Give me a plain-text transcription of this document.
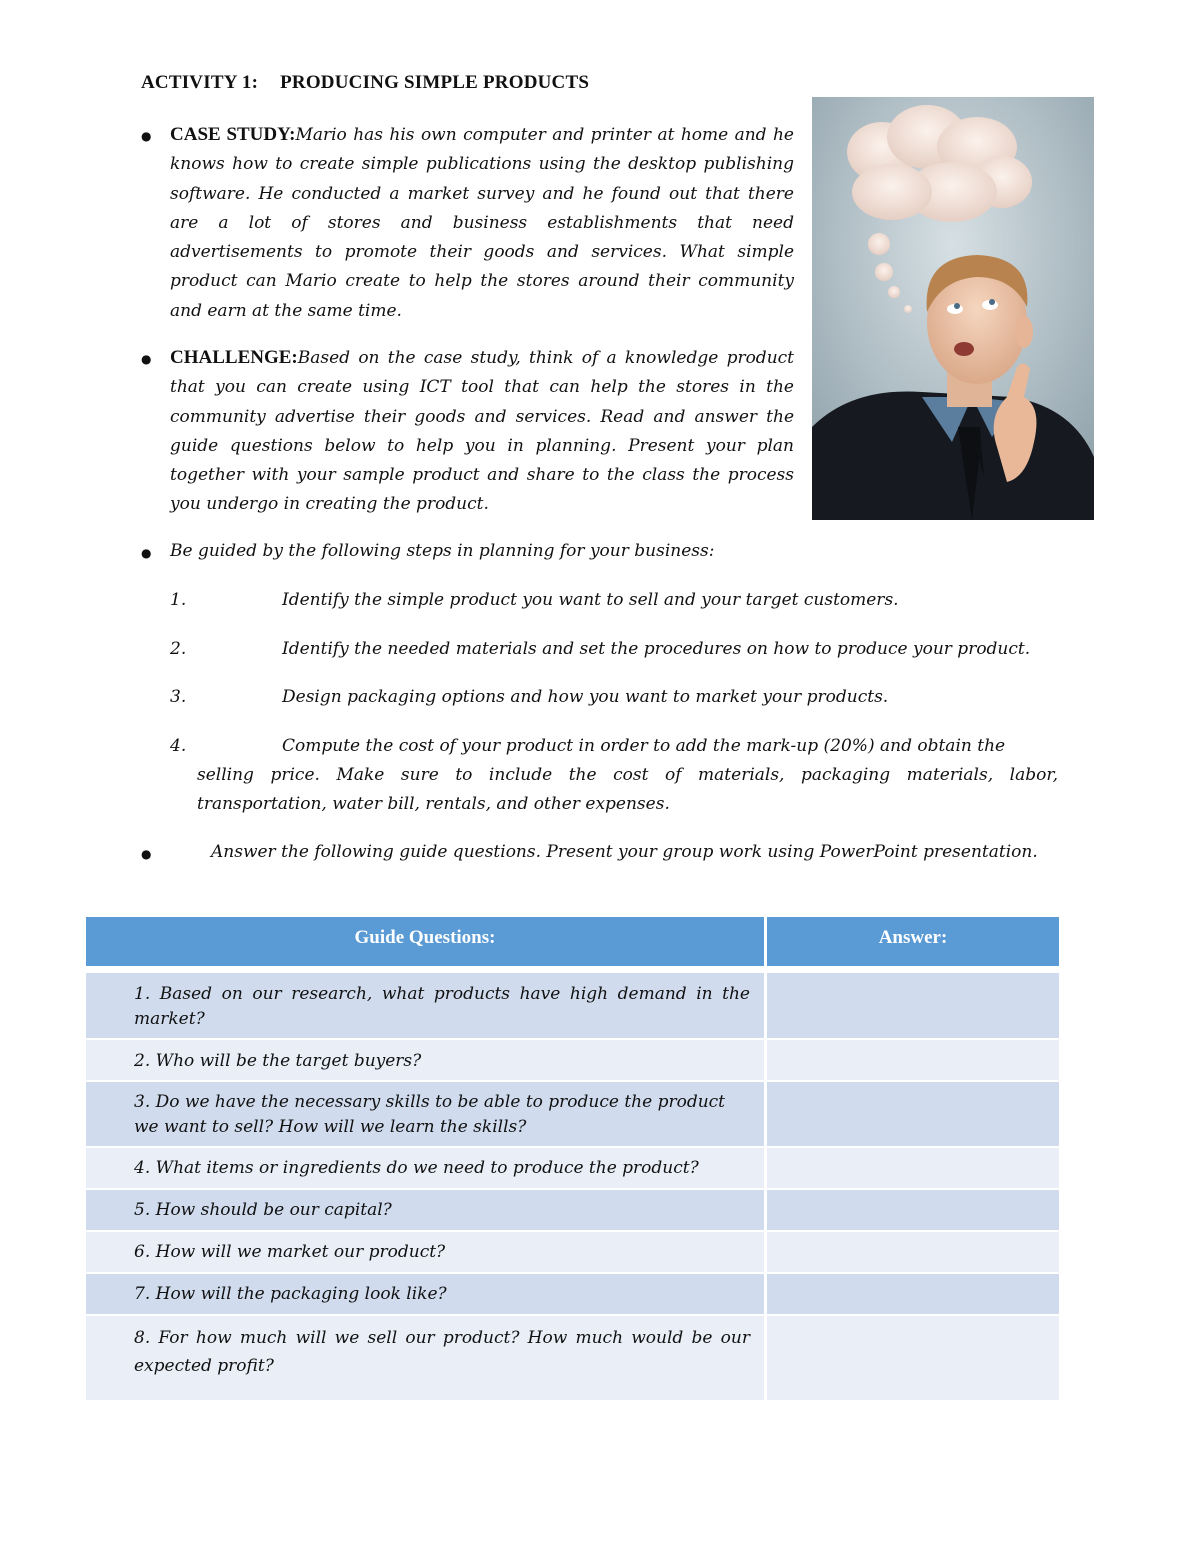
ACTIVITY 1: PRODUCING SIMPLE PRODUCTS
● CASE STUDY:Mario has his own computer and printer at home and he knows how to create simple publications using the desktop publishing software. He conducted a market survey and he found out that there are a lot of stores and business establishments that need advertisements to promote their goods and services. What simple product can Mario create to help the stores around their community and earn at the same time.
● CHALLENGE:Based on the case study, think of a knowledge product that you can create using ICT tool that can help the stores in the community advertise their goods and services. Read and answer the guide questions below to help you in planning. Present your plan together with your sample product and share to the class the process you undergo in creating the product.
● Be guided by the following steps in planning for your business:
1.	Identify the simple product you want to sell and your target customers.
2.	Identify the needed materials and set the procedures on how to produce your product.
3.	Design packaging options and how you want to market your products.
4.	Compute the cost of your product in order to add the mark-up (20%) and obtain the
selling price. Make sure to include the cost of materials, packaging materials, labor,
transportation, water bill, rentals, and other expenses.
●	Answer the following guide questions. Present your group work using PowerPoint presentation.
Guide Questions:	Answer:
1. Based on our research, what products have high demand in the market?	
2. Who will be the target buyers?	
3. Do we have the necessary skills to be able to produce the product we want to sell? How will we learn the skills?	
4. What items or ingredients do we need to produce the product?	
5. How should be our capital?	
6. How will we market our product?	
7. How will the packaging look like?	
8. For how much will we sell our product? How much would be our expected profit?	
